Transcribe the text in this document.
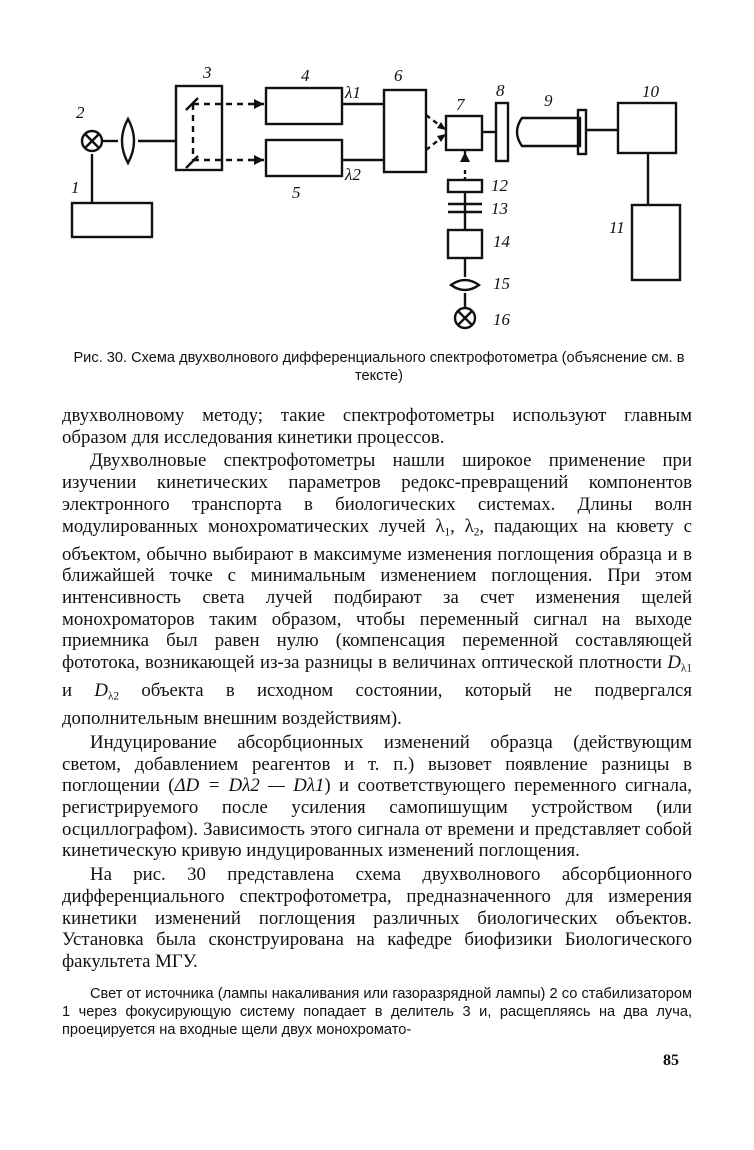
1
2
3	4
5
6
7
8
9	10
11
12
13
14
15
16
λ1
λ2
Рис. 30. Схема двухволнового дифференциального спектрофотометра (объяснение см. в тексте)

двухволновому методу; такие спектрофотометры используют главным образом для исследования кинетики процессов.

Двухволновые спектрофотометры нашли широкое применение при изучении кинетических параметров редокс-превращений компонентов электронного транспорта в биологических системах. Длины волн модулированных монохроматических лучей $\lambda_1$, $\lambda_2$, падающих на кювету с объектом, обычно выбирают в максимуме изменения поглощения образца и в ближайшей точке с минимальным изменением поглощения. При этом интенсивность света лучей подбирают за счет изменения щелей монохроматоров таким образом, чтобы переменный сигнал на выходе приемника был равен нулю (компенсация переменной составляющей фототока, возникающей из-за разницы в величинах оптической плотности $D_{\lambda 1}$ и $D_{\lambda 2}$ объекта в исходном состоянии, который не подвергался дополнительным внешним воздействиям).

Индуцирование абсорбционных изменений образца (действующим светом, добавлением реагентов и т. п.) вызовет появление разницы в поглощении (ΔD = Dλ2 — Dλ1) и соответствующего переменного сигнала, регистрируемого после усиления самопишущим устройством (или осциллографом). Зависимость этого сигнала от времени и представляет собой кинетическую кривую индуцированных изменений поглощения.

На рис. 30 представлена схема двухволнового абсорбционного дифференциального спектрофотометра, предназначенного для измерения кинетики изменений поглощения различных биологических объектов. Установка была сконструирована на кафедре биофизики Биологического факультета МГУ.

Свет от источника (лампы накаливания или газоразрядной лампы) 2 со стабилизатором 1 через фокусирующую систему попадает в делитель 3 и, расщепляясь на два луча, проецируется на входные щели двух монохромато-

85
